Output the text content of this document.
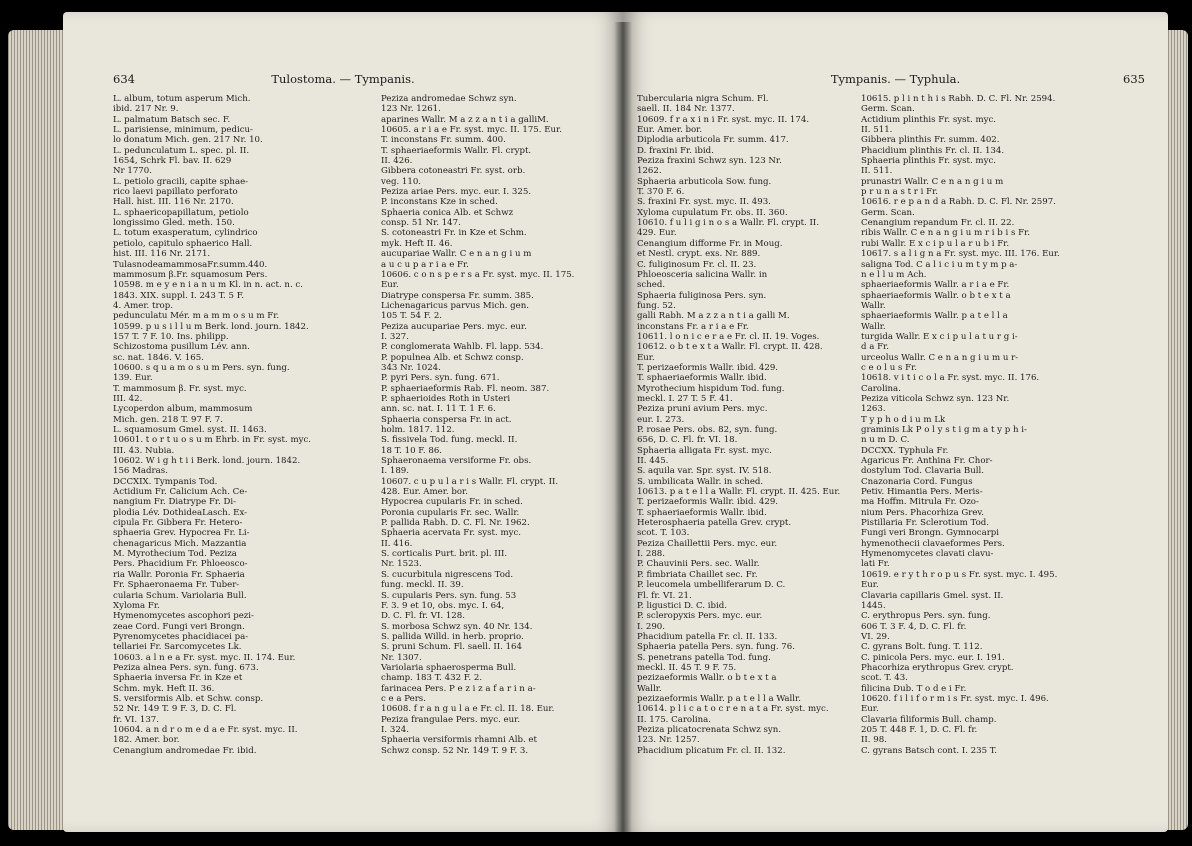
634	Tulostoma. — Tympanis.
L. album, totum asperum Mich.
ibid. 217 Nr. 9.
L. palmatum Batsch sec. F.
L. parisiense, minimum, pedicu-
lo donatum Mich. gen. 217 Nr. 10.
L. pedunculatum L. spec. pl. II.
1654, Schrk Fl. bav. II. 629
Nr 1770.
L. petiolo gracili, capite sphae-
rico laevi papillato perforato
Hall. hist. III. 116 Nr. 2170.
L. sphaericopapillatum, petiolo
longissimo Gled. meth. 150.
L. totum exasperatum, cylindrico
petiolo, capitulo sphaerico Hall.
hist. III. 116 Nr. 2171.
TulasnodeamammosaFr.summ.440.
mammosum β.Fr. squamosum Pers.
10598. m e y e n i a n u m Kl. in n. act. n. c.
1843. XIX. suppl. I. 243 T. 5 F.
4. Amer. trop.
pedunculatu Mér. m a m m o s u m Fr.
10599. p u s i l l u m Berk. lond. journ. 1842.
157 T. 7 F. 10. Ins. philipp.
Schizostoma pusillum Lév. ann.
sc. nat. 1846. V. 165.
10600. s q u a m o s u m Pers. syn. fung.
139. Eur.
T. mammosum β. Fr. syst. myc.
III. 42.
Lycoperdon album, mammosum
Mich. gen. 218 T. 97 F. 7.
L. squamosum Gmel. syst. II. 1463.
10601. t o r t u o s u m Ehrb. in Fr. syst. myc.
III. 43. Nubia.
10602. W i g h t i i Berk. lond. journ. 1842.
156 Madras.
DCCXIX. Tympanis Tod.
Actidium Fr. Calicium Ach. Ce-
nangium Fr. Diatrype Fr. Di-
plodia Lév. DothideaLasch. Ex-
cipula Fr. Gibbera Fr. Hetero-
sphaeria Grev. Hypocrea Fr. Li-
chenagaricus Mich. Mazzantia
M. Myrothecium Tod. Peziza
Pers. Phacidium Fr. Phloeosco-
ria Wallr. Poronia Fr. Sphaeria
Fr. Sphaeronaema Fr. Tuber-
cularia Schum. Variolaria Bull.
Xyloma Fr.
Hymenomycetes ascophori pezi-
zeae Cord. Fungi veri Brongn.
Pyrenomycetes phacidiacei pa-
tellariei Fr. Sarcomycetes Lk.
10603. a l n e a Fr. syst. myc. II. 174. Eur.
Peziza alnea Pers. syn. fung. 673.
Sphaeria inversa Fr. in Kze et
Schm. myk. Heft II. 36.
S. versiformis Alb. et Schw. consp.
52 Nr. 149 T. 9 F. 3, D. C. Fl.
fr. VI. 137.
10604. a n d r o m e d a e Fr. syst. myc. II.
182. Amer. bor.
Cenangium andromedae Fr. ibid.
Peziza andromedae Schwz syn.
123 Nr. 1261.
aparines Wallr. M a z z a n t i a galliM.
10605. a r i a e Fr. syst. myc. II. 175. Eur.
T. inconstans Fr. summ. 400.
T. sphaeriaeformis Wallr. Fl. crypt.
II. 426.
Gibbera cotoneastri Fr. syst. orb.
veg. 110.
Peziza ariae Pers. myc. eur. I. 325.
P. inconstans Kze in sched.
Sphaeria conica Alb. et Schwz
consp. 51 Nr. 147.
S. cotoneastri Fr. in Kze et Schm.
myk. Heft II. 46.
aucupariae Wallr. C e n a n g i u m
a u c u p a r i a e Fr.
10606. c o n s p e r s a Fr. syst. myc. II. 175.
Eur.
Diatrype conspersa Fr. summ. 385.
Lichenagaricus parvus Mich. gen.
105 T. 54 F. 2.
Peziza aucupariae Pers. myc. eur.
I. 327.
P. conglomerata Wahlb. Fl. lapp. 534.
P. populnea Alb. et Schwz consp.
343 Nr. 1024.
P. pyri Pers. syn. fung. 671.
P. sphaeriaeformis Rab. Fl. neom. 387.
P. sphaerioides Roth in Usteri
ann. sc. nat. I. 11 T. 1 F. 6.
Sphaeria conspersa Fr. in act.
holm. 1817. 112.
S. fissivela Tod. fung. meckl. II.
18 T. 10 F. 86.
Sphaeronaema versiforme Fr. obs.
I. 189.
10607. c u p u l a r i s Wallr. Fl. crypt. II.
428. Eur. Amer. bor.
Hypocrea cupularis Fr. in sched.
Poronia cupularis Fr. sec. Wallr.
P. pallida Rabh. D. C. Fl. Nr. 1962.
Sphaeria acervata Fr. syst. myc.
II. 416.
S. corticalis Purt. brit. pl. III.
Nr. 1523.
S. cucurbitula nigrescens Tod.
fung. meckl. II. 39.
S. cupularis Pers. syn. fung. 53
F. 3. 9 et 10, obs. myc. I. 64,
D. C. Fl. fr. VI. 128.
S. morbosa Schwz syn. 40 Nr. 134.
S. pallida Willd. in herb. proprio.
S. pruni Schum. Fl. saell. II. 164
Nr. 1307.
Variolaria sphaerosperma Bull.
champ. 183 T. 432 F. 2.
farinacea Pers. P e z i z a f a r i n a-
c e a Pers.
10608. f r a n g u l a e Fr. cl. II. 18. Eur.
Peziza frangulae Pers. myc. eur.
I. 324.
Sphaeria versiformis rhamni Alb. et
Schwz consp. 52 Nr. 149 T. 9 F. 3.
Tympanis. — Typhula.	635
Tubercularia nigra Schum. Fl.
saell. II. 184 Nr. 1377.
10609. f r a x i n i Fr. syst. myc. II. 174.
Eur. Amer. bor.
Diplodia arbuticola Fr. summ. 417.
D. fraxini Fr. ibid.
Peziza fraxini Schwz syn. 123 Nr.
1262.
Sphaeria arbuticola Sow. fung.
T. 370 F. 6.
S. fraxini Fr. syst. myc. II. 493.
Xyloma cupulatum Fr. obs. II. 360.
10610. f u l i g i n o s a Wallr. Fl. crypt. II.
429. Eur.
Cenangium difforme Fr. in Moug.
et Nestl. crypt. exs. Nr. 889.
C. fuliginosum Fr. cl. II. 23.
Phloeosceria salicina Wallr. in
sched.
Sphaeria fuliginosa Pers. syn.
fung. 52.
galli Rabh. M a z z a n t i a galli M.
inconstans Fr. a r i a e Fr.
10611. l o n i c e r a e Fr. cl. II. 19. Voges.
10612. o b t e x t a Wallr. Fl. crypt. II. 428.
Eur.
T. perizaeformis Wallr. ibid. 429.
T. sphaeriaeformis Wallr. ibid.
Myrothecium hispidum Tod. fung.
meckl. I. 27 T. 5 F. 41.
Peziza pruni avium Pers. myc.
eur. I. 273.
P. rosae Pers. obs. 82, syn. fung.
656, D. C. Fl. fr. VI. 18.
Sphaeria alligata Fr. syst. myc.
II. 445.
S. aquila var. Spr. syst. IV. 518.
S. umbilicata Wallr. in sched.
10613. p a t e l l a Wallr. Fl. crypt. II. 425. Eur.
T. perizaeformis Wallr. ibid. 429.
T. sphaeriaeformis Wallr. ibid.
Heterosphaeria patella Grev. crypt.
scot. T. 103.
Peziza Chaillettii Pers. myc. eur.
I. 288.
P. Chauvinii Pers. sec. Wallr.
P. fimbriata Chaillet sec. Fr.
P. leucomela umbelliferarum D. C.
Fl. fr. VI. 21.
P. ligustici D. C. ibid.
P. scleropyxis Pers. myc. eur.
I. 290.
Phacidium patella Fr. cl. II. 133.
Sphaeria patella Pers. syn. fung. 76.
S. penetrans patella Tod. fung.
meckl. II. 45 T. 9 F. 75.
pezizaeformis Wallr. o b t e x t a
Wallr.
pezizaeformis Wallr. p a t e l l a Wallr.
10614. p l i c a t o c r e n a t a Fr. syst. myc.
II. 175. Carolina.
Peziza plicatocrenata Schwz syn.
123. Nr. 1257.
Phacidium plicatum Fr. cl. II. 132.
10615. p l i n t h i s Rabh. D. C. Fl. Nr. 2594.
Germ. Scan.
Actidium plinthis Fr. syst. myc.
II. 511.
Gibbera plinthis Fr. summ. 402.
Phacidium plinthis Fr. cl. II. 134.
Sphaeria plinthis Fr. syst. myc.
II. 511.
prunastri Wallr. C e n a n g i u m
p r u n a s t r i Fr.
10616. r e p a n d a Rabh. D. C. Fl. Nr. 2597.
Germ. Scan.
Cenangium repandum Fr. cl. II. 22.
ribis Wallr. C e n a n g i u m r i b i s Fr.
rubi Wallr. E x c i p u l a r u b i Fr.
10617. s a l i g n a Fr. syst. myc. III. 176. Eur.
saligna Tod. C a l i c i u m t y m p a-
n e l l u m Ach.
sphaeriaeformis Wallr. a r i a e Fr.
sphaeriaeformis Wallr. o b t e x t a
Wallr.
sphaeriaeformis Wallr. p a t e l l a
Wallr.
turgida Wallr. E x c i p u l a t u r g i-
d a Fr.
urceolus Wallr. C e n a n g i u m u r-
c e o l u s Fr.
10618. v i t i c o l a Fr. syst. myc. II. 176.
Carolina.
Peziza viticola Schwz syn. 123 Nr.
1263.
T y p h o d i u m Lk
graminis Lk P o l y s t i g m a t y p h i-
n u m D. C.
DCCXX. Typhula Fr.
Agaricus Fr. Anthina Fr. Chor-
dostylum Tod. Clavaria Bull.
Cnazonaria Cord. Fungus
Petiv. Himantia Pers. Meris-
ma Hoffm. Mitrula Fr. Ozo-
nium Pers. Phacorhiza Grev.
Pistillaria Fr. Sclerotium Tod.
Fungi veri Brongn. Gymnocarpi
hymenothecii clavaeformes Pers.
Hymenomycetes clavati clavu-
lati Fr.
10619. e r y t h r o p u s Fr. syst. myc. I. 495.
Eur.
Clavaria capillaris Gmel. syst. II.
1445.
C. erythropus Pers. syn. fung.
606 T. 3 F. 4, D. C. Fl. fr.
VI. 29.
C. gyrans Bolt. fung. T. 112.
C. pinicola Pers. myc. eur. I. 191.
Phacorhiza erythropus Grev. crypt.
scot. T. 43.
filicina Dub. T o d e i Fr.
10620. f i l i f o r m i s Fr. syst. myc. I. 496.
Eur.
Clavaria filiformis Bull. champ.
205 T. 448 F. 1, D. C. Fl. fr.
II. 98.
C. gyrans Batsch cont. I. 235 T.
